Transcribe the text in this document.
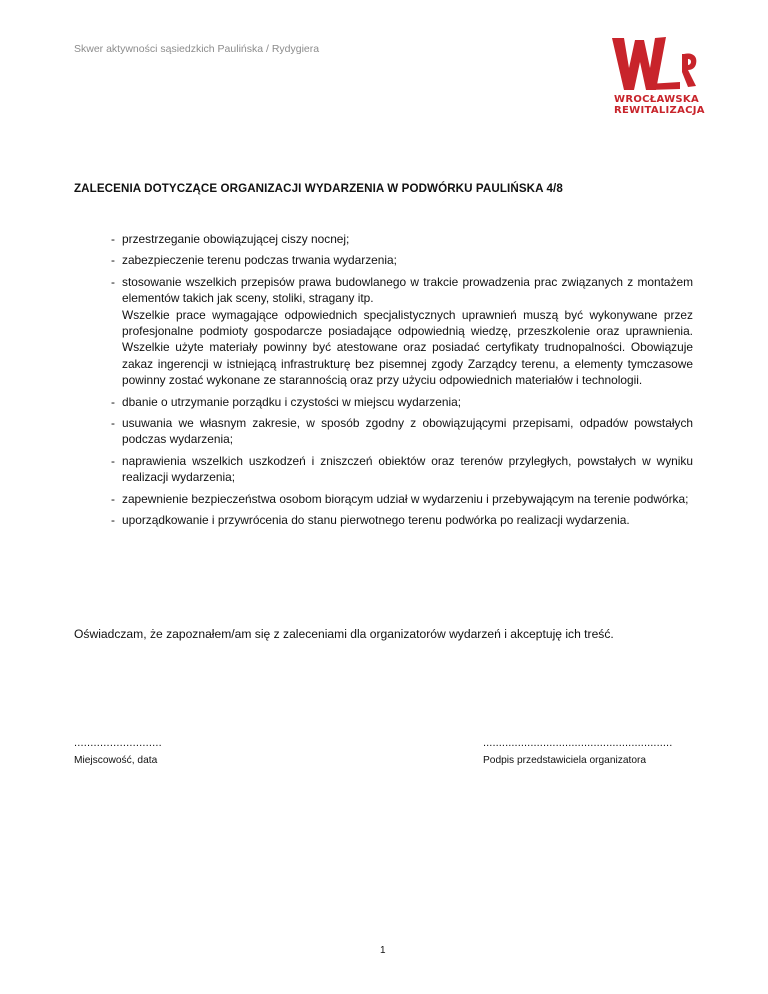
Skwer aktywności sąsiedzkich Paulińska / Rydygiera
WROCŁAWSKA
REWITALIZACJA
ZALECENIA DOTYCZĄCE ORGANIZACJI WYDARZENIA W PODWÓRKU PAULIŃSKA 4/8
- przestrzeganie obowiązującej ciszy nocnej;
- zabezpieczenie terenu podczas trwania wydarzenia;
- stosowanie wszelkich przepisów prawa budowlanego w trakcie prowadzenia prac związanych z montażem elementów takich jak sceny, stoliki, stragany itp.
Wszelkie prace wymagające odpowiednich specjalistycznych uprawnień muszą być wykonywane przez profesjonalne podmioty gospodarcze posiadające odpowiednią wiedzę, przeszkolenie oraz uprawnienia. Wszelkie użyte materiały powinny być atestowane oraz posiadać certyfikaty trudnopalności. Obowiązuje zakaz ingerencji w istniejącą infrastrukturę bez pisemnej zgody Zarządcy terenu, a elementy tymczasowe powinny zostać wykonane ze starannością oraz przy użyciu odpowiednich materiałów i technologii.
- dbanie o utrzymanie porządku i czystości w miejscu wydarzenia;
- usuwania we własnym zakresie, w sposób zgodny z obowiązującymi przepisami, odpadów powstałych podczas wydarzenia;
- naprawienia wszelkich uszkodzeń i zniszczeń obiektów oraz terenów przyległych, powstałych w wyniku realizacji wydarzenia;
- zapewnienie bezpieczeństwa osobom biorącym udział w wydarzeniu i przebywającym na terenie podwórka;
- uporządkowanie i przywrócenia do stanu pierwotnego terenu podwórka po realizacji wydarzenia.
Oświadczam, że zapoznałem/am się z zaleceniami dla organizatorów wydarzeń i akceptuję ich treść.
...........................
Miejscowość, data
............................................................
Podpis przedstawiciela organizatora
1
